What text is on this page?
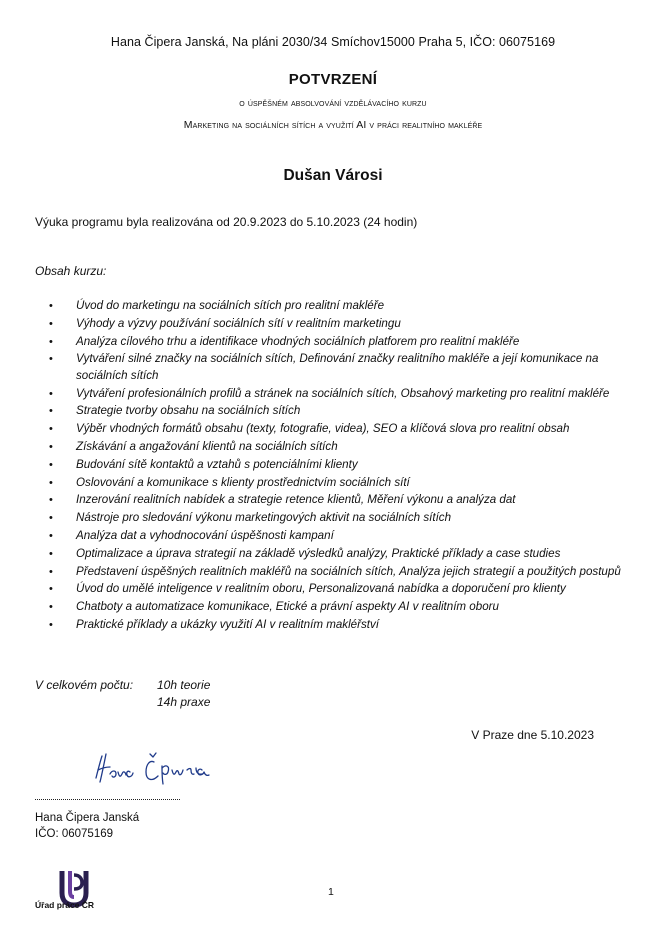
Hana Čipera Janská, Na pláni 2030/34 Smíchov15000 Praha 5, IČO: 06075169
POTVRZENÍ
o úspěšném absolvování vzdělávacího kurzu
Marketing na sociálních sítích a využití AI v práci realitního makléře
Dušan Városi
Výuka programu byla realizována od 20.9.2023 do 5.10.2023 (24 hodin)
Obsah kurzu:
• Úvod do marketingu na sociálních sítích pro realitní makléře
• Výhody a výzvy používání sociálních sítí v realitním marketingu
• Analýza cílového trhu a identifikace vhodných sociálních platforem pro realitní makléře
• Vytváření silné značky na sociálních sítích, Definování značky realitního makléře a její komunikace na sociálních sítích
• Vytváření profesionálních profilů a stránek na sociálních sítích, Obsahový marketing pro realitní makléře
• Strategie tvorby obsahu na sociálních sítích
• Výběr vhodných formátů obsahu (texty, fotografie, videa), SEO a klíčová slova pro realitní obsah
• Získávání a angažování klientů na sociálních sítích
• Budování sítě kontaktů a vztahů s potenciálními klienty
• Oslovování a komunikace s klienty prostřednictvím sociálních sítí
• Inzerování realitních nabídek a strategie retence klientů, Měření výkonu a analýza dat
• Nástroje pro sledování výkonu marketingových aktivit na sociálních sítích
• Analýza dat a vyhodnocování úspěšnosti kampaní
• Optimalizace a úprava strategií na základě výsledků analýzy, Praktické příklady a case studies
• Představení úspěšných realitních makléřů na sociálních sítích, Analýza jejich strategií a použitých postupů
• Úvod do umělé inteligence v realitním oboru, Personalizovaná nabídka a doporučení pro klienty
• Chatboty a automatizace komunikace, Etické a právní aspekty AI v realitním oboru
• Praktické příklady a ukázky využití AI v realitním makléřství
V celkovém počtu: 10h teorie
14h praxe
V Praze dne 5.10.2023
Hana Čipera Janská
IČO: 06075169
Úřad práce ČR
1
